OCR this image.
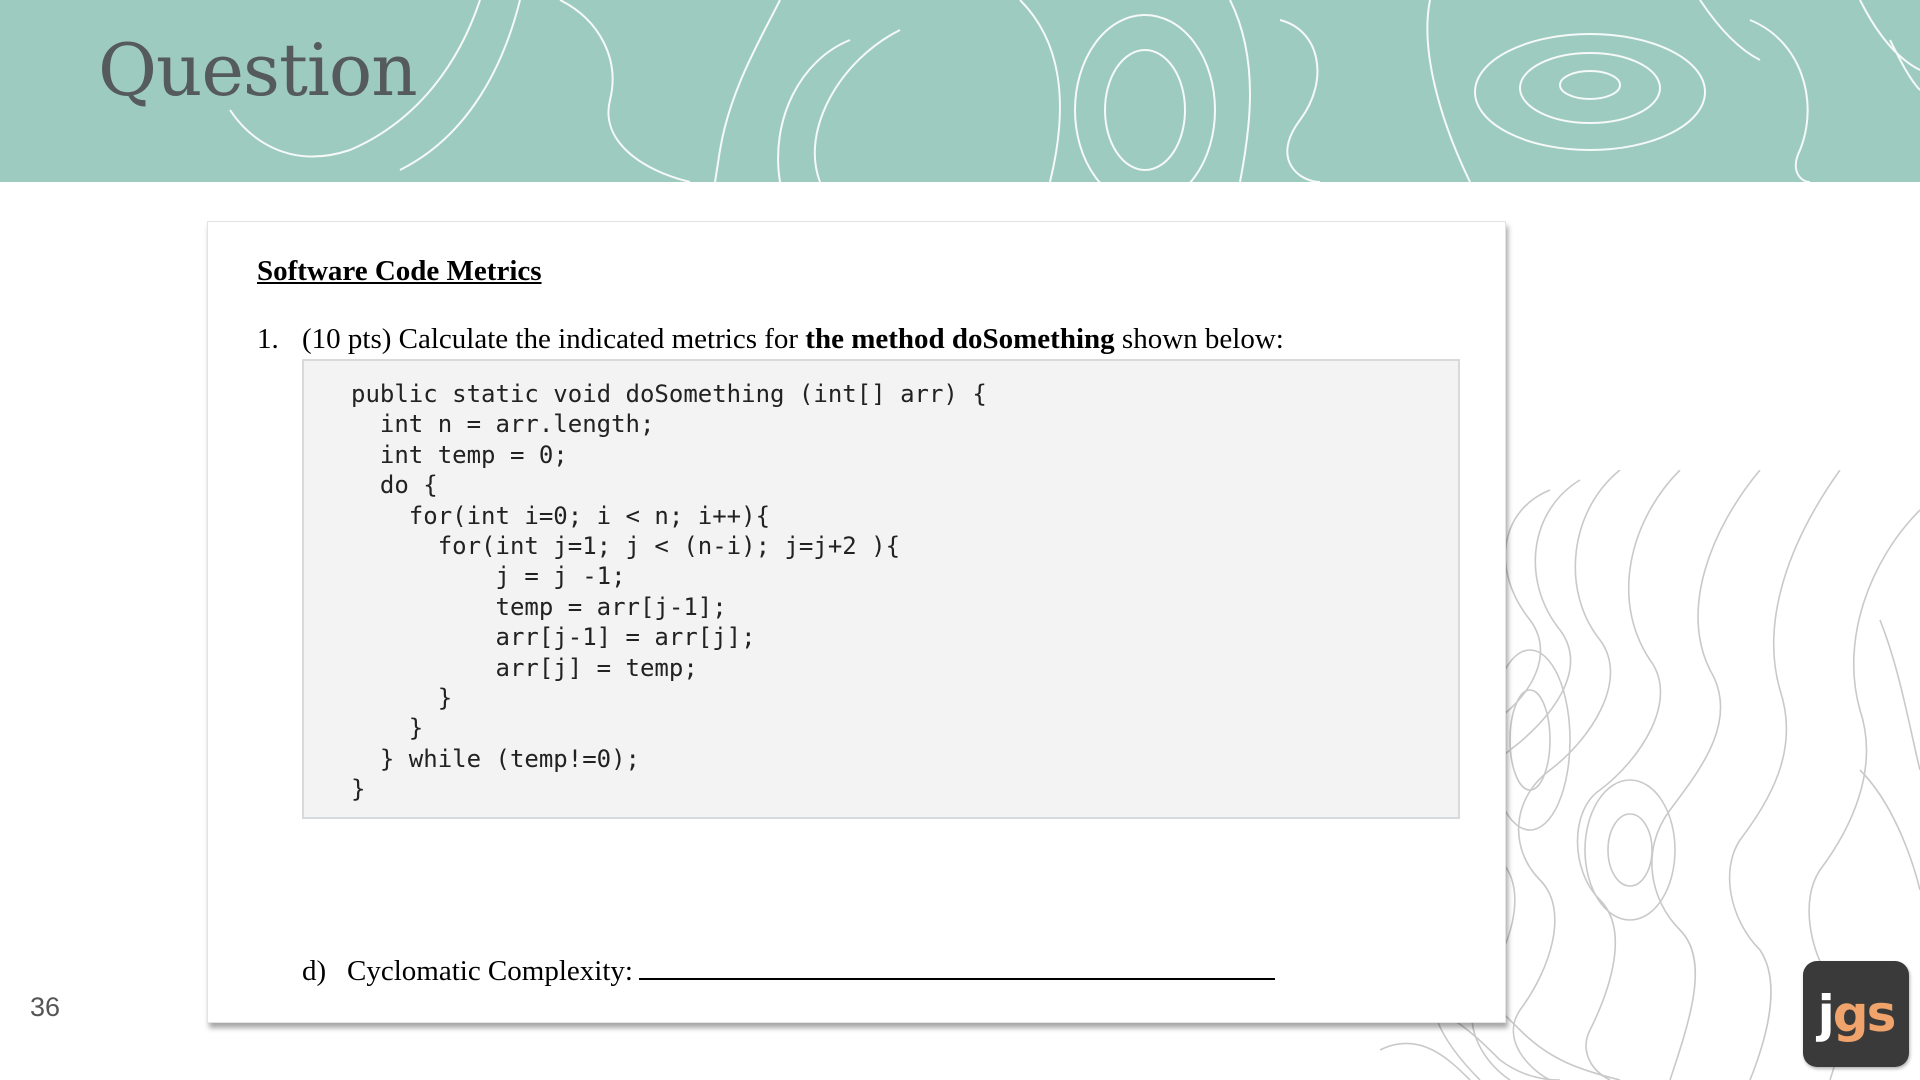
Question
Software Code Metrics
1. (10 pts) Calculate the indicated metrics for the method doSomething shown below:
public static void doSomething (int[] arr) {
int n = arr.length;
int temp = 0;
do {
for(int i=0; i < n; i++){
for(int j=1; j < (n-i); j=j+2 ){
j = j -1;
temp = arr[j-1];
arr[j-1] = arr[j];
arr[j] = temp;
}
}
} while (temp!=0);
}
d) Cyclomatic Complexity:
36	j gs
